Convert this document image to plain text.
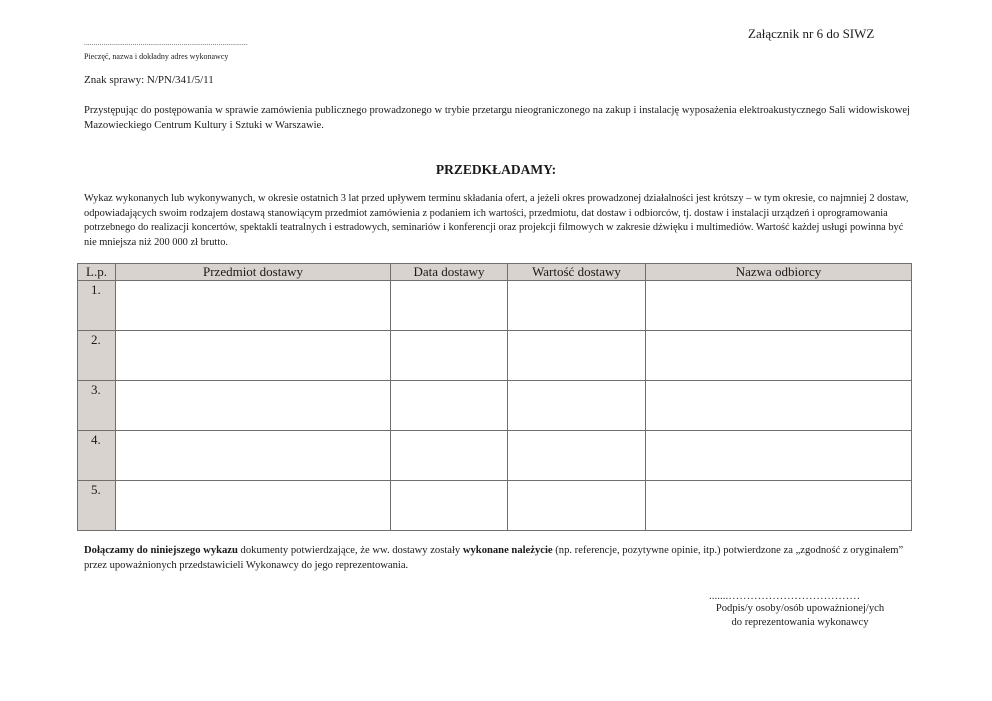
Załącznik nr 6 do SIWZ
....................................................................................
Pieczęć, nazwa i dokładny adres wykonawcy
Znak sprawy: N/PN/341/5/11

Przystępując do postępowania w sprawie zamówienia publicznego prowadzonego w trybie przetargu nieograniczonego na zakup i instalację wyposażenia elektroakustycznego Sali widowiskowej Mazowieckiego Centrum Kultury i Sztuki w Warszawie.

PRZEDKŁADAMY:

Wykaz wykonanych lub wykonywanych, w okresie ostatnich 3 lat przed upływem terminu składania ofert, a jeżeli okres prowadzonej działalności jest krótszy – w tym okresie, co najmniej 2 dostaw, odpowiadających swoim rodzajem dostawą stanowiącym przedmiot zamówienia z podaniem ich wartości, przedmiotu, dat dostaw i odbiorców, tj. dostaw i instalacji urządzeń i oprogramowania potrzebnego do realizacji koncertów, spektakli teatralnych i estradowych, seminariów i konferencji oraz projekcji filmowych w zakresie dźwięku i multimediów. Wartość każdej usługi powinna być nie mniejsza niż 200 000 zł brutto.

L.p.	Przedmiot dostawy	Data dostawy	Wartość dostawy	Nazwa odbiorcy
1.				
2.				
3.				
4.				
5.				

Dołączamy do niniejszego wykazu dokumenty potwierdzające, że ww. dostawy zostały wykonane należycie (np. referencje, pozytywne opinie, itp.) potwierdzone za „zgodność z oryginałem” przez upoważnionych przedstawicieli Wykonawcy do jego reprezentowania.

.......………………………………
Podpis/y osoby/osób upoważnionej/ych
do reprezentowania wykonawcy
